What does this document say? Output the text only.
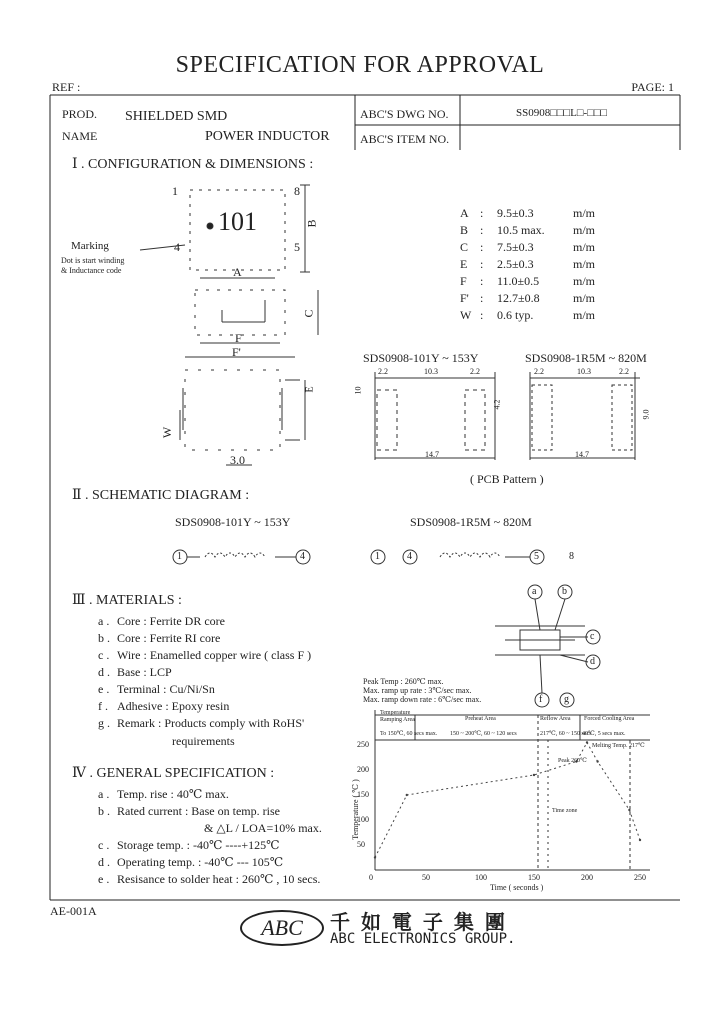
SPECIFICATION FOR APPROVAL
REF :	PAGE: 1
PROD.
NAME
SHIELDED SMD
POWER INDUCTOR
ABC'S DWG NO.	SS0908□□□L□-□□□
ABC'S ITEM NO.
Ⅰ . CONFIGURATION & DIMENSIONS :
1	8
4	5
101
Marking
Dot is start winding
& Inductance code
B
A
C
F
F'
W
E
3.0
A : 9.5±0.3	m/m
B : 10.5 max. m/m
C : 7.5±0.3	m/m
E : 2.5±0.3	m/m
F : 11.0±0.5	m/m
F' : 12.7±0.8	m/m
W : 0.6 typ.	m/m
SDS0908-101Y ~ 153Y	SDS0908-1R5M ~ 820M
2.2	10.3	2.2
14.7
10
4.2
2.2	10.3	2.2
14.7
9.0
( PCB Pattern )
Ⅱ . SCHEMATIC DIAGRAM :
SDS0908-101Y ~ 153Y	SDS0908-1R5M ~ 820M
1	4	1	4	5	8
Ⅲ . MATERIALS :
a . Core : Ferrite DR core
b . Core : Ferrite RI core
c . Wire : Enamelled copper wire ( class F )
d . Base : LCP
e . Terminal : Cu/Ni/Sn
f . Adhesive : Epoxy resin
g . Remark : Products comply with RoHS'
requirements
a	b
c
d
f g
Ⅳ . GENERAL SPECIFICATION :
a . Temp. rise : 40℃ max.
b . Rated current : Base on temp. rise
& △L / LOA=10% max.
c . Storage temp. : -40℃ ----+125℃
d . Operating temp. : -40℃ --- 105℃
e . Resisance to solder heat : 260℃ , 10 secs.
Peak Temp : 260℃ max.
Max. ramp up rate : 3℃/sec max.
Max. ramp down rate : 6℃/sec max.
Temperature Ramping Area
To 150℃, 60 secs max.
Preheat Area
150 ~ 200℃, 60 ~ 120 secs
Reflow Area
217℃, 60 ~ 150 secs
Forced Cooling Area
40℃, 5 secs max.
Peak 260℃
Melting Temp. 217℃
Time zone
Temperature ( ℃ )
Time ( seconds )
0	50	100	150	200	250
50
100
150
200
250
AE-001A
ABC	千 如 電 子 集 團
ABC ELECTRONICS GROUP.
